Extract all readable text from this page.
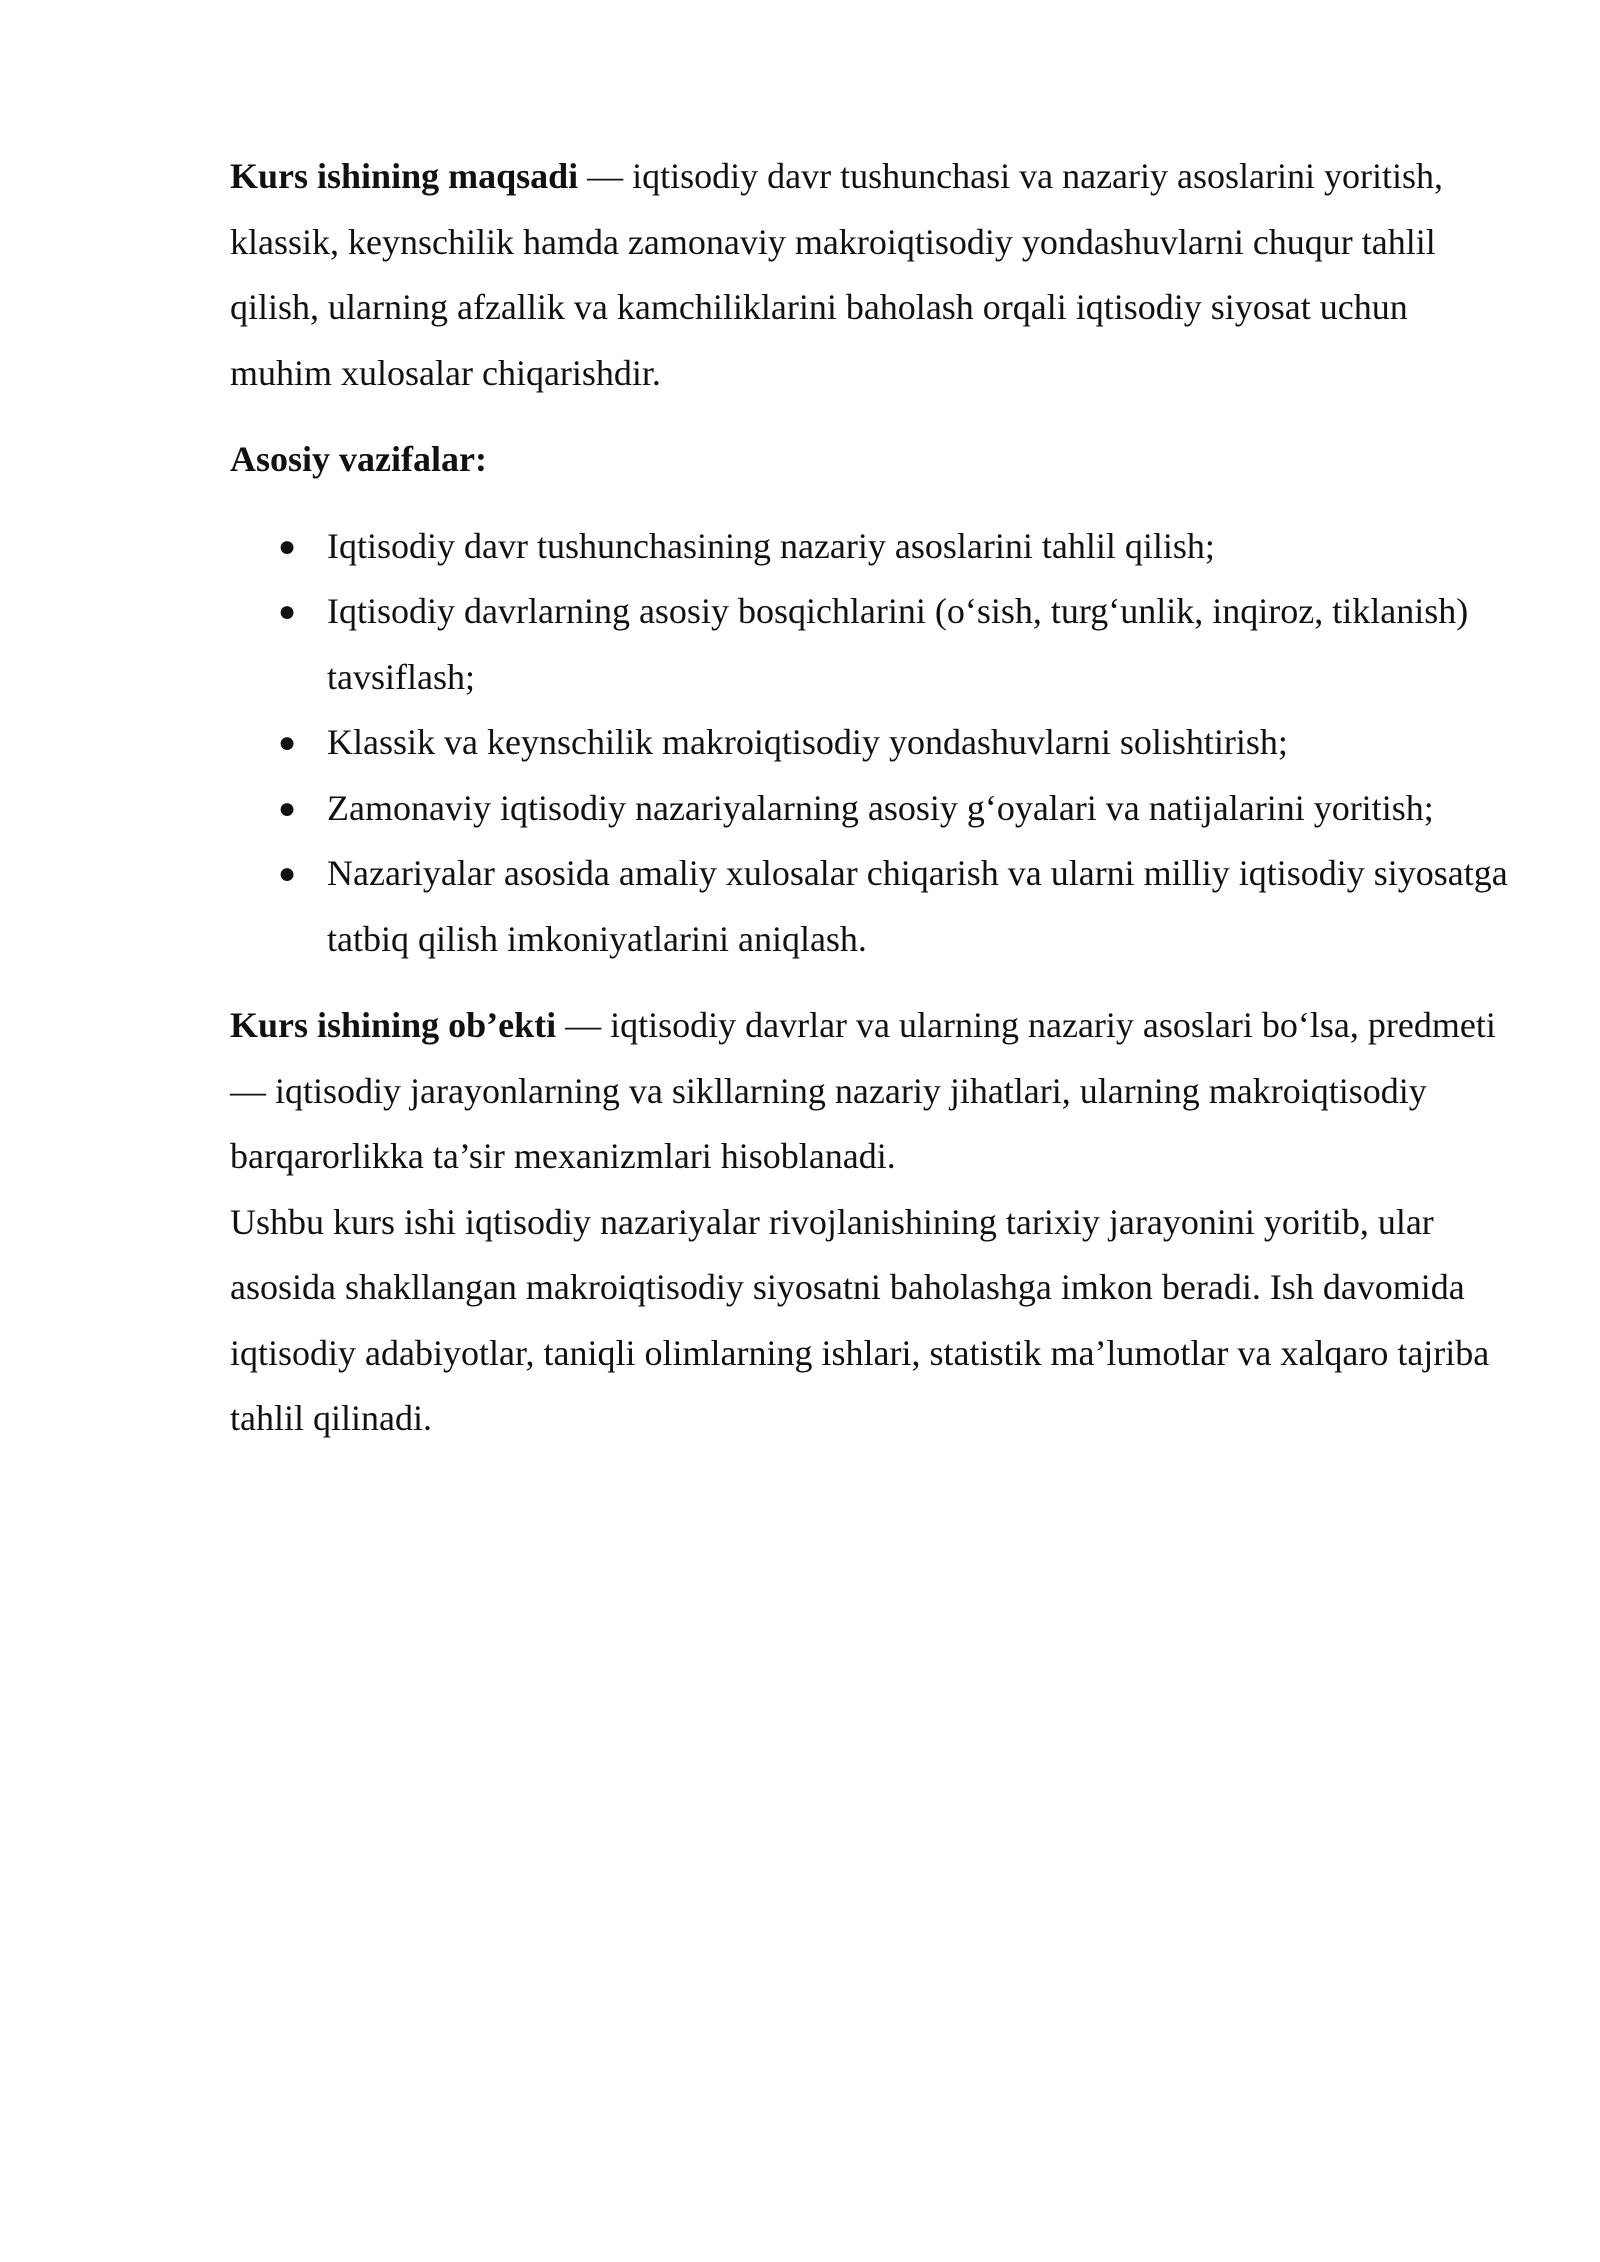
Kurs ishining maqsadi — iqtisodiy davr tushunchasi va nazariy asoslarini yoritish, klassik, keynschilik hamda zamonaviy makroiqtisodiy yondashuvlarni chuqur tahlil qilish, ularning afzallik va kamchiliklarini baholash orqali iqtisodiy siyosat uchun muhim xulosalar chiqarishdir.

Asosiy vazifalar:

● Iqtisodiy davr tushunchasining nazariy asoslarini tahlil qilish;
● Iqtisodiy davrlarning asosiy bosqichlarini (o‘sish, turg‘unlik, inqiroz, tiklanish) tavsiflash;
● Klassik va keynschilik makroiqtisodiy yondashuvlarni solishtirish;
● Zamonaviy iqtisodiy nazariyalarning asosiy g‘oyalari va natijalarini yoritish;
● Nazariyalar asosida amaliy xulosalar chiqarish va ularni milliy iqtisodiy siyosatga tatbiq qilish imkoniyatlarini aniqlash.

Kurs ishining ob’ekti — iqtisodiy davrlar va ularning nazariy asoslari bo‘lsa, predmeti — iqtisodiy jarayonlarning va sikllarning nazariy jihatlari, ularning makroiqtisodiy barqarorlikka ta’sir mexanizmlari hisoblanadi.

Ushbu kurs ishi iqtisodiy nazariyalar rivojlanishining tarixiy jarayonini yoritib, ular asosida shakllangan makroiqtisodiy siyosatni baholashga imkon beradi. Ish davomida iqtisodiy adabiyotlar, taniqli olimlarning ishlari, statistik ma’lumotlar va xalqaro tajriba tahlil qilinadi.
